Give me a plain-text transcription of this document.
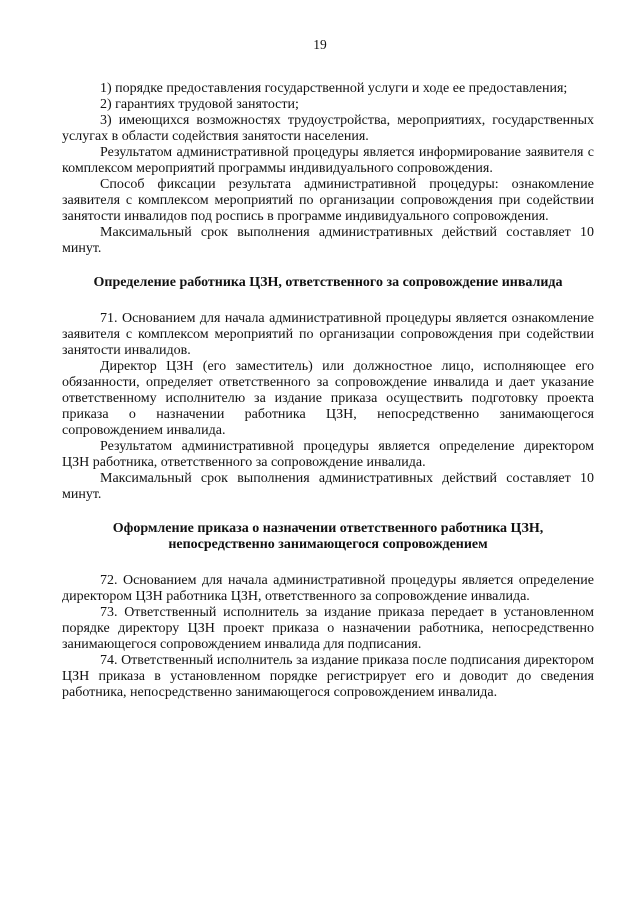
19

1) порядке предоставления государственной услуги и ходе ее предоставления;

2) гарантиях трудовой занятости;

3) имеющихся возможностях трудоустройства, мероприятиях, государственных услугах в области содействия занятости населения.

Результатом административной процедуры является информирование заявителя с комплексом мероприятий программы индивидуального сопровождения.

Способ фиксации результата административной процедуры: ознакомление заявителя с комплексом мероприятий по организации сопровождения при содействии занятости инвалидов под роспись в программе индивидуального сопровождения.

Максимальный срок выполнения административных действий составляет 10 минут.

Определение работника ЦЗН, ответственного за сопровождение инвалида

71. Основанием для начала административной процедуры является ознакомление заявителя с комплексом мероприятий по организации сопровождения при содействии занятости инвалидов.

Директор ЦЗН (его заместитель) или должностное лицо, исполняющее его обязанности, определяет ответственного за сопровождение инвалида и дает указание ответственному исполнителю за издание приказа осуществить подготовку проекта приказа о назначении работника ЦЗН, непосредственно занимающегося сопровождением инвалида.

Результатом административной процедуры является определение директором ЦЗН работника, ответственного за сопровождение инвалида.

Максимальный срок выполнения административных действий составляет 10 минут.

Оформление приказа о назначении ответственного работника ЦЗН,

непосредственно занимающегося сопровождением

72. Основанием для начала административной процедуры является определение директором ЦЗН работника ЦЗН, ответственного за сопровождение инвалида.

73. Ответственный исполнитель за издание приказа передает в установленном порядке директору ЦЗН проект приказа о назначении работника, непосредственно занимающегося сопровождением инвалида для подписания.

74. Ответственный исполнитель за издание приказа после подписания директором ЦЗН приказа в установленном порядке регистрирует его и доводит до сведения работника, непосредственно занимающегося сопровождением инвалида.
